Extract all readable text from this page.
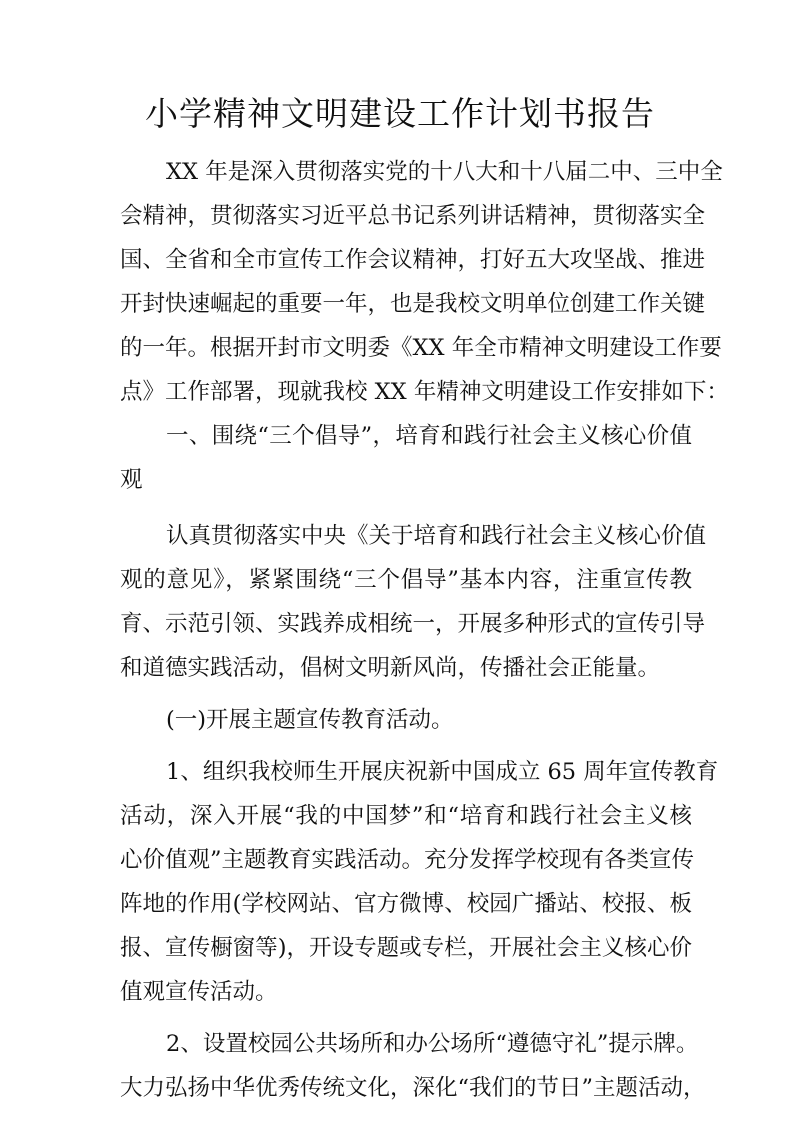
小学精神文明建设工作计划书报告
XX 年是深入贯彻落实党的十八大和十八届二中、三中全
会精神，贯彻落实习近平总书记系列讲话精神，贯彻落实全
国、全省和全市宣传工作会议精神，打好五大攻坚战、推进
开封快速崛起的重要一年，也是我校文明单位创建工作关键
的一年。根据开封市文明委《XX 年全市精神文明建设工作要
点》工作部署，现就我校 XX 年精神文明建设工作安排如下：
一、围绕“三个倡导”，培育和践行社会主义核心价值
观
认真贯彻落实中央《关于培育和践行社会主义核心价值
观的意见》，紧紧围绕“三个倡导”基本内容，注重宣传教
育、示范引领、实践养成相统一，开展多种形式的宣传引导
和道德实践活动，倡树文明新风尚，传播社会正能量。
(一)开展主题宣传教育活动。
1、组织我校师生开展庆祝新中国成立 65 周年宣传教育
活动，深入开展“我的中国梦”和“培育和践行社会主义核
心价值观”主题教育实践活动。充分发挥学校现有各类宣传
阵地的作用(学校网站、官方微博、校园广播站、校报、板
报、宣传橱窗等)，开设专题或专栏，开展社会主义核心价
值观宣传活动。
2、设置校园公共场所和办公场所“遵德守礼”提示牌。
大力弘扬中华优秀传统文化，深化“我们的节日”主题活动，
